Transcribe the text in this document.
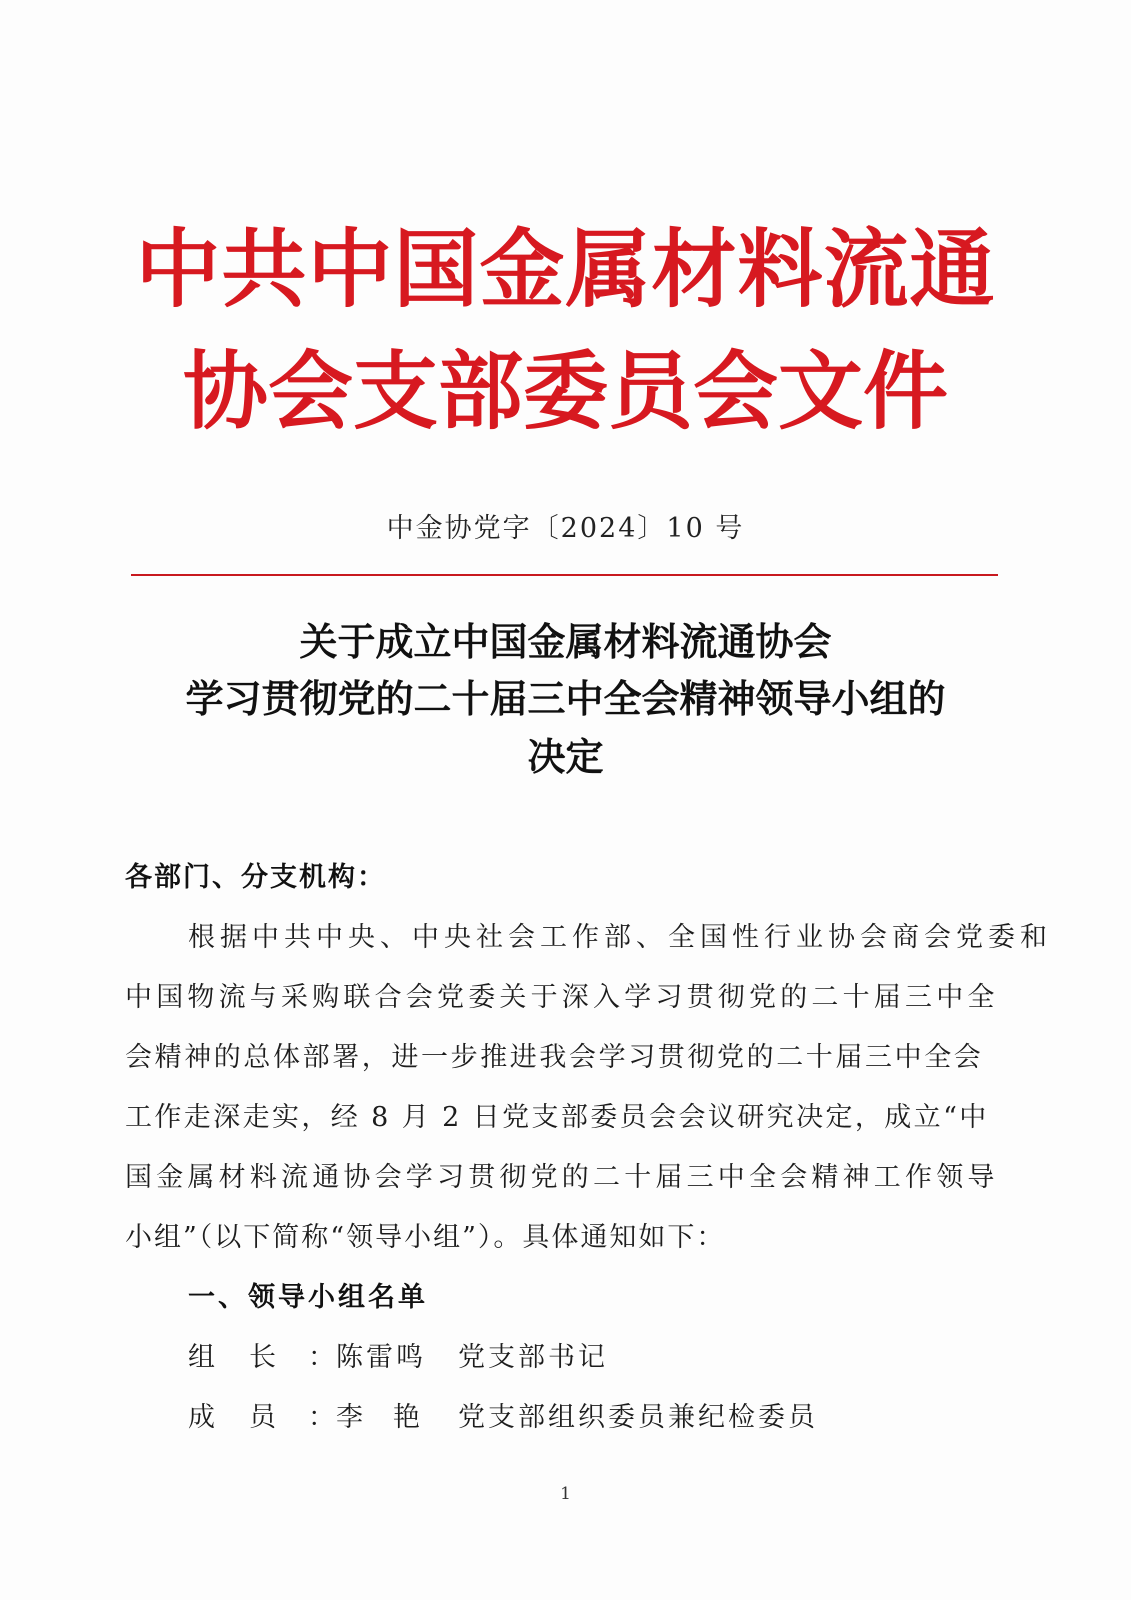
中共中国金属材料流通
协会支部委员会文件
中金协党字〔2024〕10 号
关于成立中国金属材料流通协会
学习贯彻党的二十届三中全会精神领导小组的
决定
各部门、分支机构：
根据中共中央、中央社会工作部、全国性行业协会商会党委和
中国物流与采购联合会党委关于深入学习贯彻党的二十届三中全
会精神的总体部署，进一步推进我会学习贯彻党的二十届三中全会
工作走深走实，经 8 月 2 日党支部委员会会议研究决定，成立“中
国金属材料流通协会学习贯彻党的二十届三中全会精神工作领导
小组”（以下简称“领导小组”）。具体通知如下：
一、领导小组名单
组长：陈雷鸣 党支部书记
成员：李艳 党支部组织委员兼纪检委员
1
